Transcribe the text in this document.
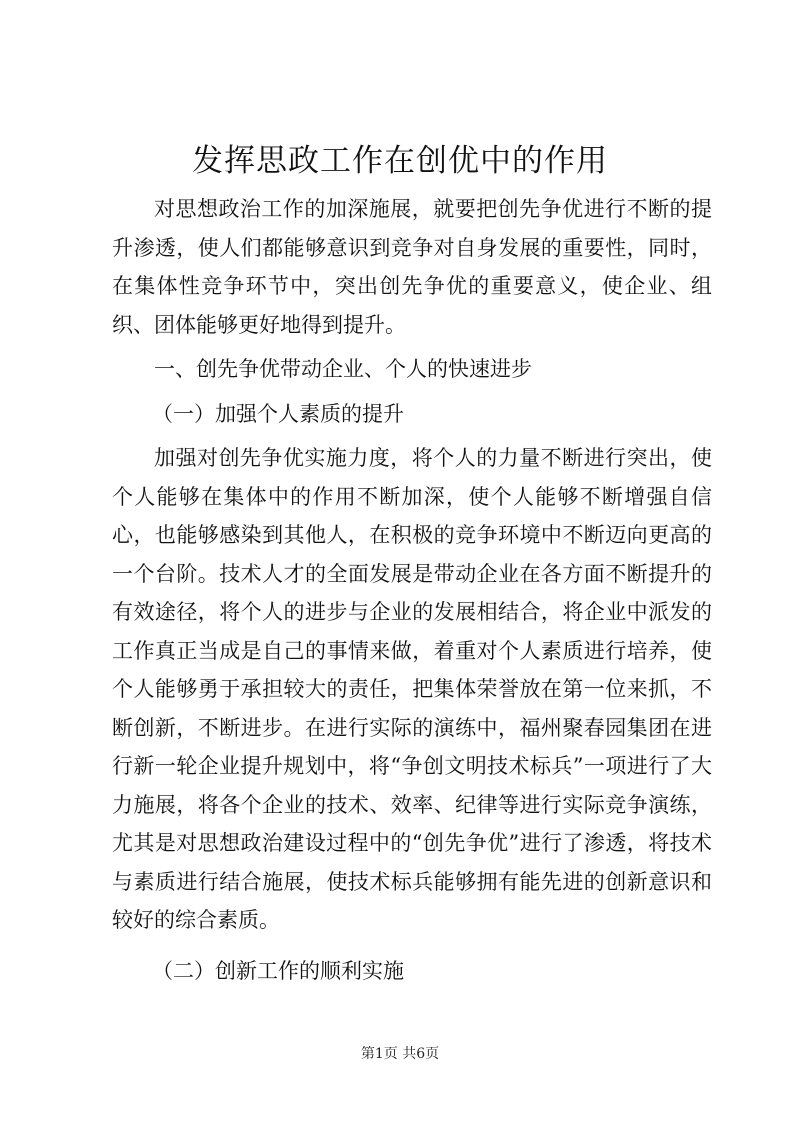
发挥思政工作在创优中的作用

对思想政治工作的加深施展，就要把创先争优进行不断的提升渗透，使人们都能够意识到竞争对自身发展的重要性，同时，在集体性竞争环节中，突出创先争优的重要意义，使企业、组织、团体能够更好地得到提升。

一、创先争优带动企业、个人的快速进步

（一）加强个人素质的提升

加强对创先争优实施力度，将个人的力量不断进行突出，使个人能够在集体中的作用不断加深，使个人能够不断增强自信心，也能够感染到其他人，在积极的竞争环境中不断迈向更高的一个台阶。技术人才的全面发展是带动企业在各方面不断提升的有效途径，将个人的进步与企业的发展相结合，将企业中派发的工作真正当成是自己的事情来做，着重对个人素质进行培养，使个人能够勇于承担较大的责任，把集体荣誉放在第一位来抓，不断创新，不断进步。在进行实际的演练中，福州聚春园集团在进行新一轮企业提升规划中，将“争创文明技术标兵”一项进行了大力施展，将各个企业的技术、效率、纪律等进行实际竞争演练，尤其是对思想政治建设过程中的“创先争优”进行了渗透，将技术与素质进行结合施展，使技术标兵能够拥有能先进的创新意识和较好的综合素质。

（二）创新工作的顺利实施

第1页 共6页
